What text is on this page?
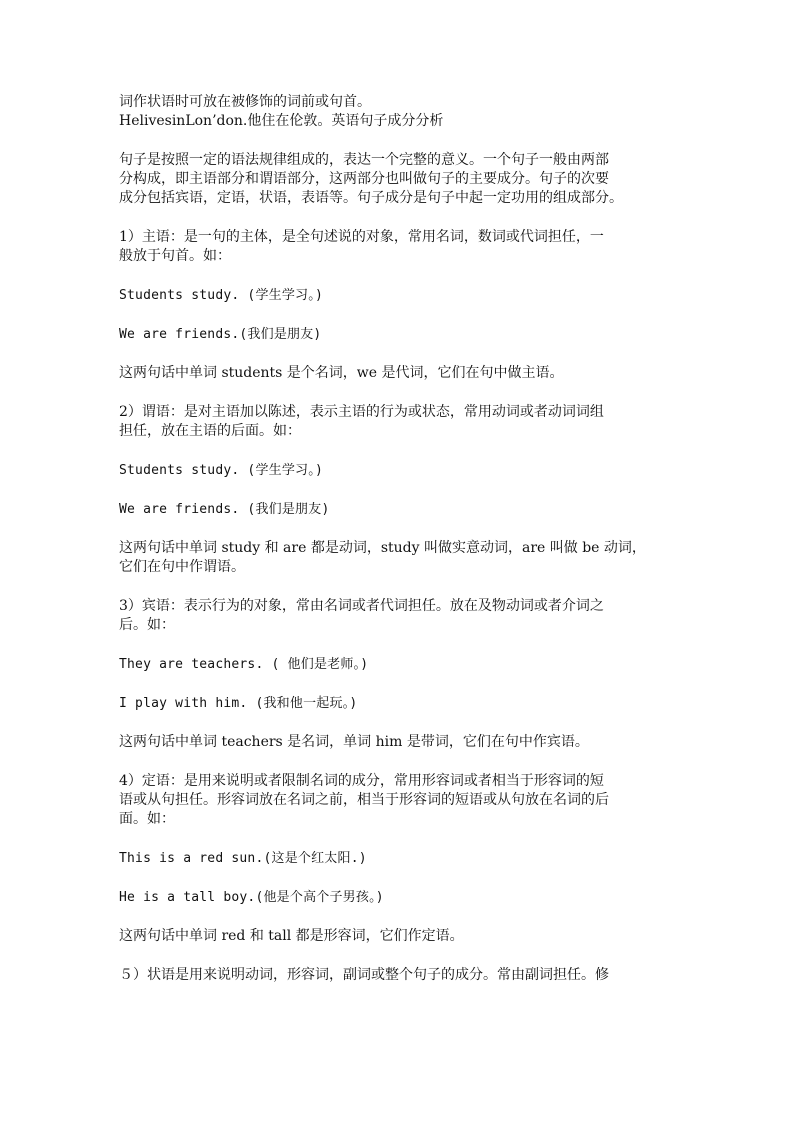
词作状语时可放在被修饰的词前或句首。
HelivesinLon’don.他住在伦敦。英语句子成分分析
句子是按照一定的语法规律组成的，表达一个完整的意义。一个句子一般由两部
分构成，即主语部分和谓语部分，这两部分也叫做句子的主要成分。句子的次要
成分包括宾语，定语，状语，表语等。句子成分是句子中起一定功用的组成部分。
1）主语：是一句的主体，是全句述说的对象，常用名词，数词或代词担任，一
般放于句首。如：
Students study. (学生学习。)
We are friends.(我们是朋友)
这两句话中单词 students 是个名词，we 是代词，它们在句中做主语。
2）谓语：是对主语加以陈述，表示主语的行为或状态，常用动词或者动词词组
担任，放在主语的后面。如：
Students study. (学生学习。)
We are friends. (我们是朋友)
这两句话中单词 study 和 are 都是动词，study 叫做实意动词，are 叫做 be 动词，
它们在句中作谓语。
3）宾语：表示行为的对象，常由名词或者代词担任。放在及物动词或者介词之
后。如：
They are teachers. ( 他们是老师。)
I play with him. (我和他一起玩。)
这两句话中单词 teachers 是名词，单词 him 是带词，它们在句中作宾语。
4）定语：是用来说明或者限制名词的成分，常用形容词或者相当于形容词的短
语或从句担任。形容词放在名词之前，相当于形容词的短语或从句放在名词的后
面。如：
This is a red sun.(这是个红太阳.)
He is a tall boy.(他是个高个子男孩。)
这两句话中单词 red 和 tall 都是形容词，它们作定语。
５）状语是用来说明动词，形容词，副词或整个句子的成分。常由副词担任。修
